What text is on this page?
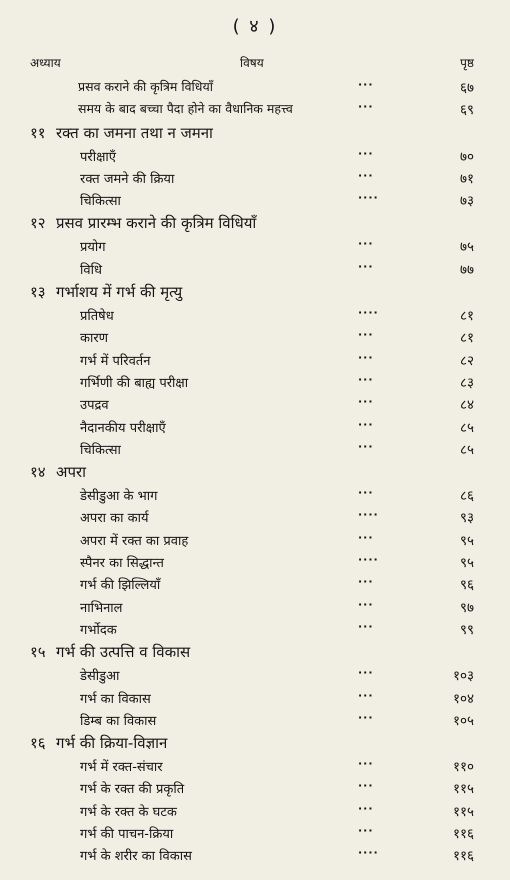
( ४ )
अध्याय	विषय	पृष्ठ
प्रसव कराने की कृत्रिम विधियाँ	···	६७
समय के बाद बच्चा पैदा होने का वैधानिक महत्त्व	···	६९
११ रक्त का जमना तथा न जमना
परीक्षाएँ	···	७०
रक्त जमने की क्रिया	···	७१
चिकित्सा	····	७३
१२ प्रसव प्रारम्भ कराने की कृत्रिम विधियाँ
प्रयोग	···	७५
विधि	···	७७
१३ गर्भाशय में गर्भ की मृत्यु
प्रतिषेध	····	८१
कारण	···	८१
गर्भ में परिवर्तन	···	८२
गर्भिणी की बाह्य परीक्षा	···	८३
उपद्रव	···	८४
नैदानकीय परीक्षाएँ	···	८५
चिकित्सा	···	८५
१४ अपरा
डेसीडुआ के भाग	···	८६
अपरा का कार्य	····	९३
अपरा में रक्त का प्रवाह	···	९५
स्पैनर का सिद्धान्त	····	९५
गर्भ की झिल्लियाँ	···	९६
नाभिनाल	···	९७
गर्भोदक	···	९९
१५ गर्भ की उत्पत्ति व विकास
डेसीडुआ	···	१०३
गर्भ का विकास	···	१०४
डिम्ब का विकास	···	१०५
१६ गर्भ की क्रिया-विज्ञान
गर्भ में रक्त-संचार	···	११०
गर्भ के रक्त की प्रकृति	···	११५
गर्भ के रक्त के घटक	···	११५
गर्भ की पाचन-क्रिया	···	११६
गर्भ के शरीर का विकास	····	११६
